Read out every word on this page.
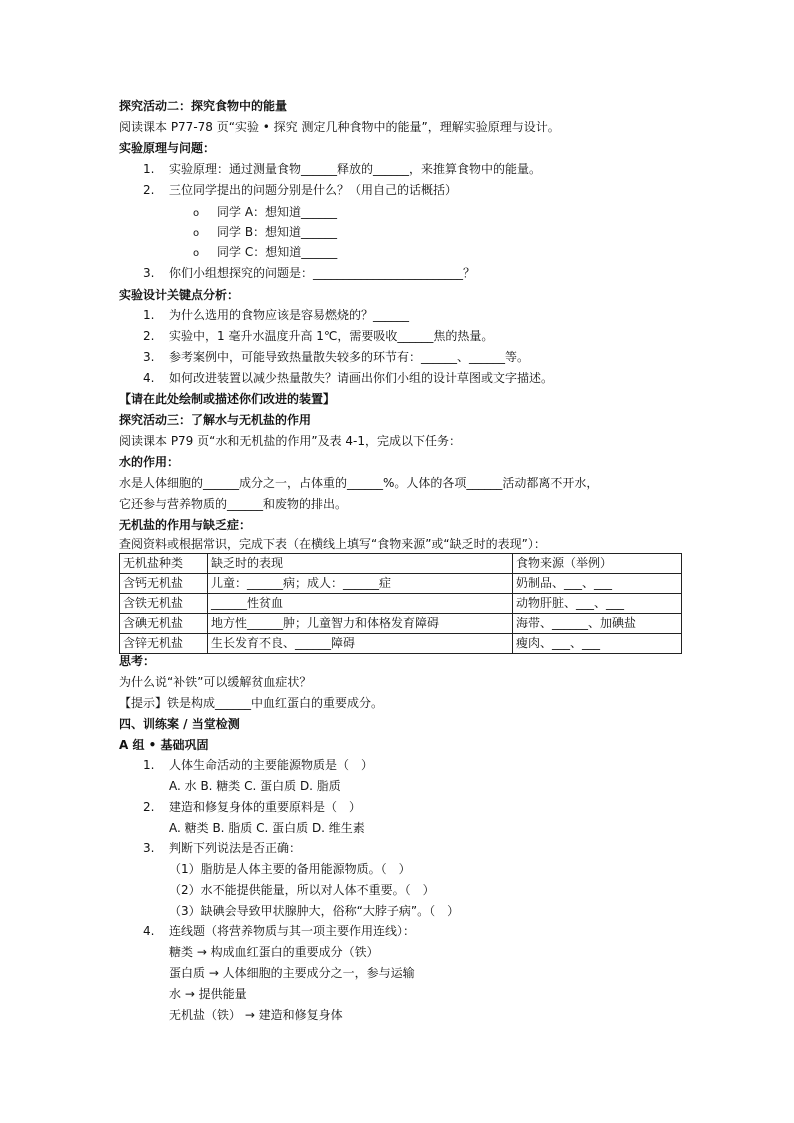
探究活动二：探究食物中的能量
阅读课本 P77-78 页“实验 • 探究 测定几种食物中的能量”，理解实验原理与设计。
实验原理与问题：
1. 实验原理：通过测量食物______释放的______，来推算食物中的能量。
2. 三位同学提出的问题分别是什么？（用自己的话概括）
o 同学 A：想知道______
o 同学 B：想知道______
o 同学 C：想知道______
3. 你们小组想探究的问题是：_________________________？
实验设计关键点分析：
1. 为什么选用的食物应该是容易燃烧的？______
2. 实验中，1 毫升水温度升高 1℃，需要吸收______焦的热量。
3. 参考案例中，可能导致热量散失较多的环节有：______、______等。
4. 如何改进装置以减少热量散失？请画出你们小组的设计草图或文字描述。
【请在此处绘制或描述你们改进的装置】
探究活动三：了解水与无机盐的作用
阅读课本 P79 页“水和无机盐的作用”及表 4-1，完成以下任务：
水的作用：
水是人体细胞的______成分之一，占体重的______%。人体的各项______活动都离不开水，
它还参与营养物质的______和废物的排出。
无机盐的作用与缺乏症：
查阅资料或根据常识，完成下表（在横线上填写“食物来源”或“缺乏时的表现”）：
无机盐种类	缺乏时的表现	食物来源（举例）
含钙无机盐	儿童：______病；成人：______症	奶制品、___、___
含铁无机盐	______性贫血	动物肝脏、___、___
含碘无机盐	地方性______肿；儿童智力和体格发育障碍	海带、______、加碘盐
含锌无机盐	生长发育不良、______障碍	瘦肉、___、___
思考：
为什么说“补铁”可以缓解贫血症状？
【提示】铁是构成______中血红蛋白的重要成分。
四、训练案 / 当堂检测
A 组 • 基础巩固
1. 人体生命活动的主要能源物质是（　）
A. 水 B. 糖类 C. 蛋白质 D. 脂质
2. 建造和修复身体的重要原料是（　）
A. 糖类 B. 脂质 C. 蛋白质 D. 维生素
3. 判断下列说法是否正确：
（1）脂肪是人体主要的备用能源物质。（　）
（2）水不能提供能量，所以对人体不重要。（　）
（3）缺碘会导致甲状腺肿大，俗称“大脖子病”。（　）
4. 连线题（将营养物质与其一项主要作用连线）：
糖类 → 构成血红蛋白的重要成分（铁）
蛋白质 → 人体细胞的主要成分之一，参与运输
水 → 提供能量
无机盐（铁） → 建造和修复身体
